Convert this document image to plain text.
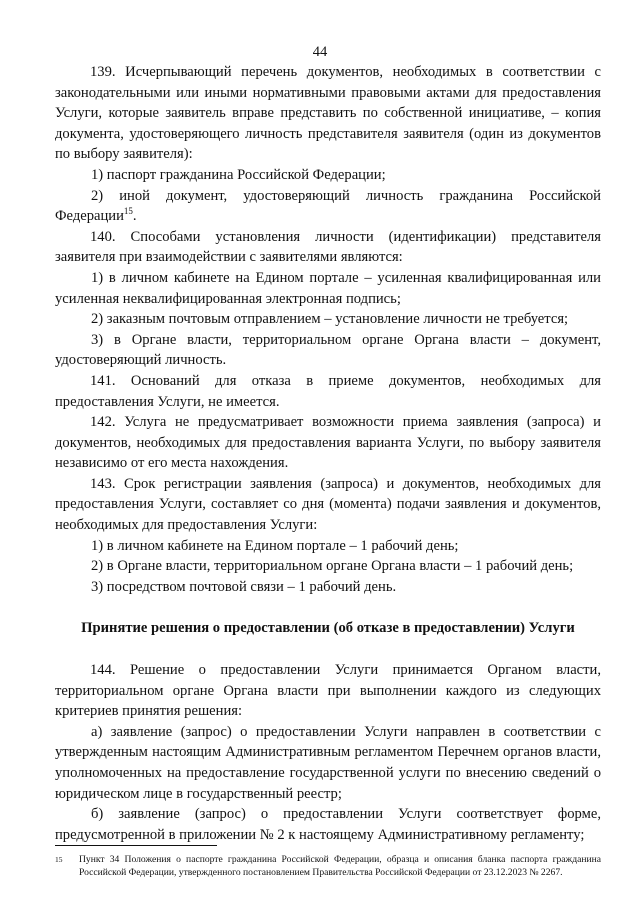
44

139. Исчерпывающий перечень документов, необходимых в соответствии с законодательными или иными нормативными правовыми актами для предоставления Услуги, которые заявитель вправе представить по собственной инициативе, – копия документа, удостоверяющего личность представителя заявителя (один из документов по выбору заявителя):

1) паспорт гражданина Российской Федерации;

2) иной документ, удостоверяющий личность гражданина Российской Федерации$^{15}$.

140. Способами установления личности (идентификации) представителя заявителя при взаимодействии с заявителями являются:

1) в личном кабинете на Едином портале – усиленная квалифицированная или усиленная неквалифицированная электронная подпись;

2) заказным почтовым отправлением – установление личности не требуется;

3) в Органе власти, территориальном органе Органа власти – документ, удостоверяющий личность.

141. Оснований для отказа в приеме документов, необходимых для предоставления Услуги, не имеется.

142. Услуга не предусматривает возможности приема заявления (запроса) и документов, необходимых для предоставления варианта Услуги, по выбору заявителя независимо от его места нахождения.

143. Срок регистрации заявления (запроса) и документов, необходимых для предоставления Услуги, составляет со дня (момента) подачи заявления и документов, необходимых для предоставления Услуги:

1) в личном кабинете на Едином портале – 1 рабочий день;

2) в Органе власти, территориальном органе Органа власти – 1 рабочий день;

3) посредством почтовой связи – 1 рабочий день.

Принятие решения о предоставлении (об отказе в предоставлении) Услуги

144. Решение о предоставлении Услуги принимается Органом власти, территориальном органе Органа власти при выполнении каждого из следующих критериев принятия решения:

а) заявление (запрос) о предоставлении Услуги направлен в соответствии с утвержденным настоящим Административным регламентом Перечнем органов власти, уполномоченных на предоставление государственной услуги по внесению сведений о юридическом лице в государственный реестр;

б) заявление (запрос) о предоставлении Услуги соответствует форме, предусмотренной в приложении № 2 к настоящему Административному регламенту;

15 Пункт 34 Положения о паспорте гражданина Российской Федерации, образца и описания бланка паспорта гражданина Российской Федерации, утвержденного постановлением Правительства Российской Федерации от 23.12.2023 № 2267.
